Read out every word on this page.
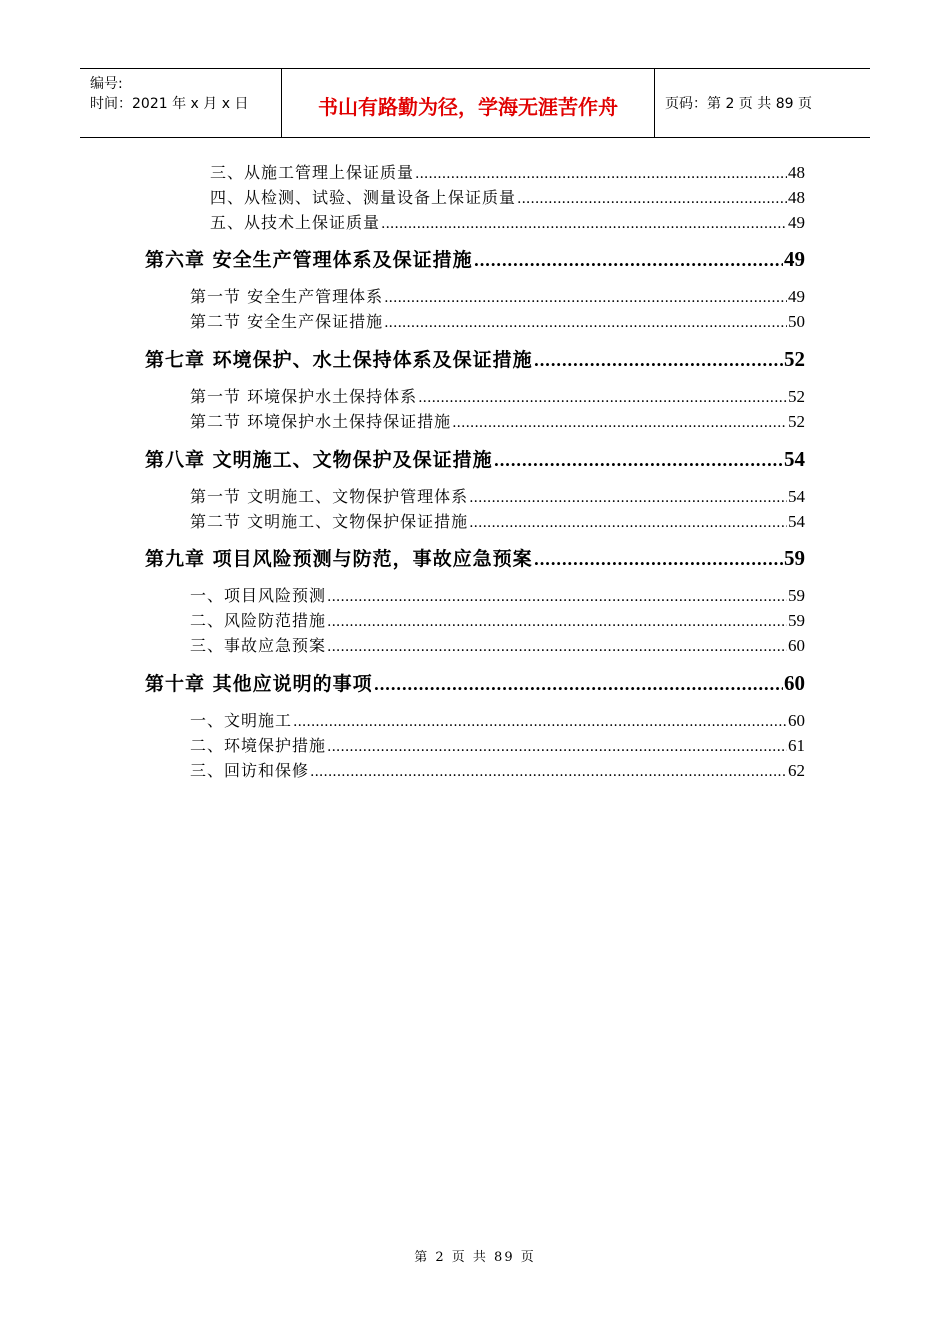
编号:
时间：2021 年 x 月 x 日	书山有路勤为径，学海无涯苦作舟	页码：第 2 页 共 89 页
三、从施工管理上保证质量 .....	48
四、从检测、试验、测量设备上保证质量 .....	48
五、从技术上保证质量 .....	49
第六章 安全生产管理体系及保证措施 .....	49
第一节 安全生产管理体系 .....	49
第二节 安全生产保证措施 .....	50
第七章 环境保护、水土保持体系及保证措施 .....	52
第一节 环境保护水土保持体系 .....	52
第二节 环境保护水土保持保证措施 .....	52
第八章 文明施工、文物保护及保证措施 .....	54
第一节 文明施工、文物保护管理体系 .....	54
第二节 文明施工、文物保护保证措施 .....	54
第九章 项目风险预测与防范，事故应急预案 .....	59
一、项目风险预测 .....	59
二、风险防范措施 .....	59
三、事故应急预案 .....	60
第十章 其他应说明的事项 .....	60
一、文明施工 .....	60
二、环境保护措施 .....	61
三、回访和保修 .....	62
第 2 页 共 89 页
